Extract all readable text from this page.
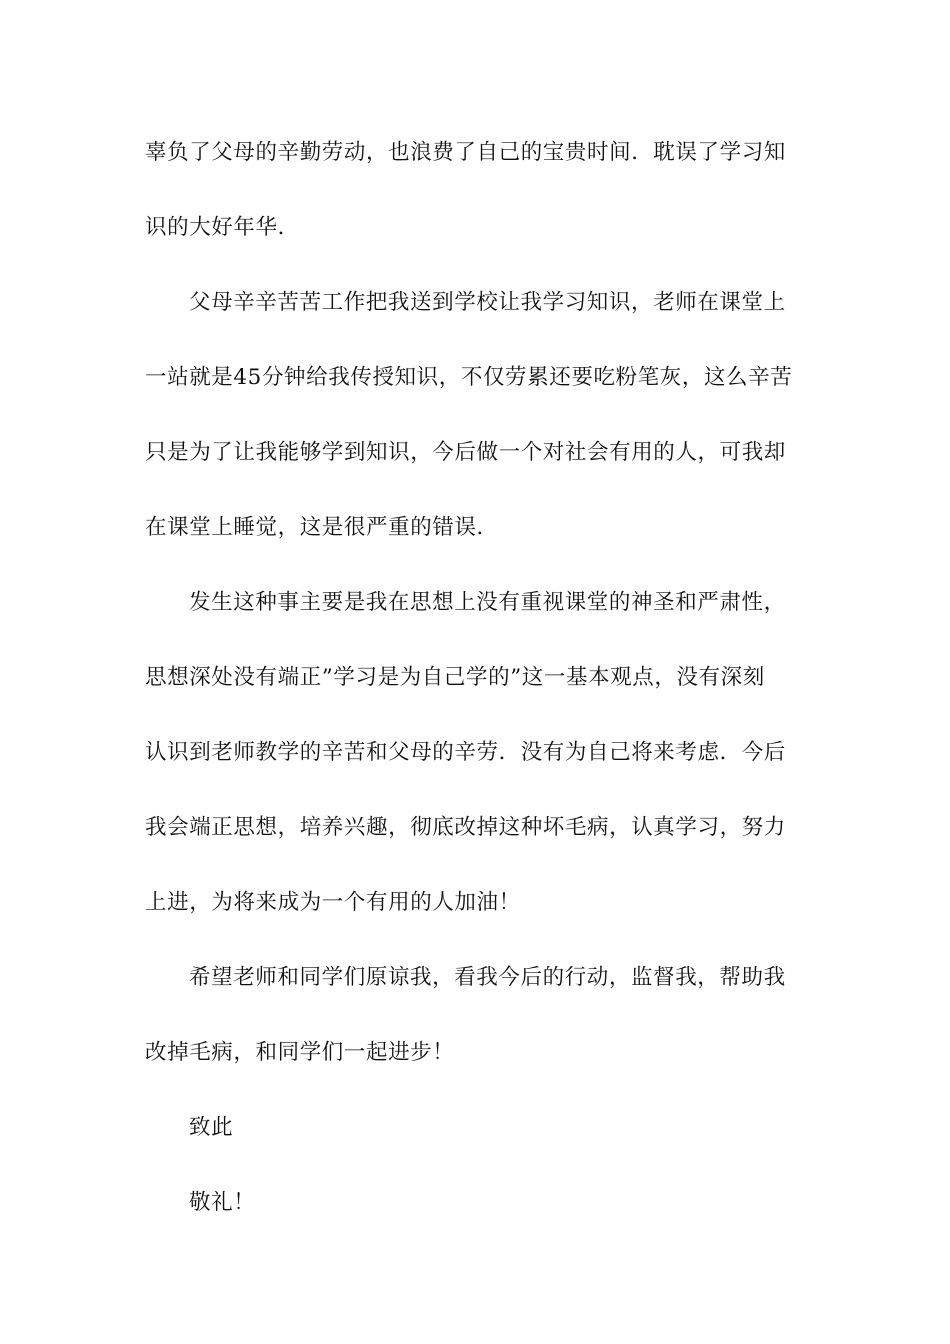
辜负了父母的辛勤劳动，也浪费了自己的宝贵时间．耽误了学习知
识的大好年华．
父母辛辛苦苦工作把我送到学校让我学习知识，老师在课堂上
一站就是45分钟给我传授知识，不仅劳累还要吃粉笔灰，这么辛苦
只是为了让我能够学到知识，今后做一个对社会有用的人，可我却
在课堂上睡觉，这是很严重的错误．
发生这种事主要是我在思想上没有重视课堂的神圣和严肃性，
思想深处没有端正”学习是为自己学的”这一基本观点，没有深刻
认识到老师教学的辛苦和父母的辛劳．没有为自己将来考虑．今后
我会端正思想，培养兴趣，彻底改掉这种坏毛病，认真学习，努力
上进，为将来成为一个有用的人加油！
希望老师和同学们原谅我，看我今后的行动，监督我，帮助我
改掉毛病，和同学们一起进步！
致此
敬礼！
